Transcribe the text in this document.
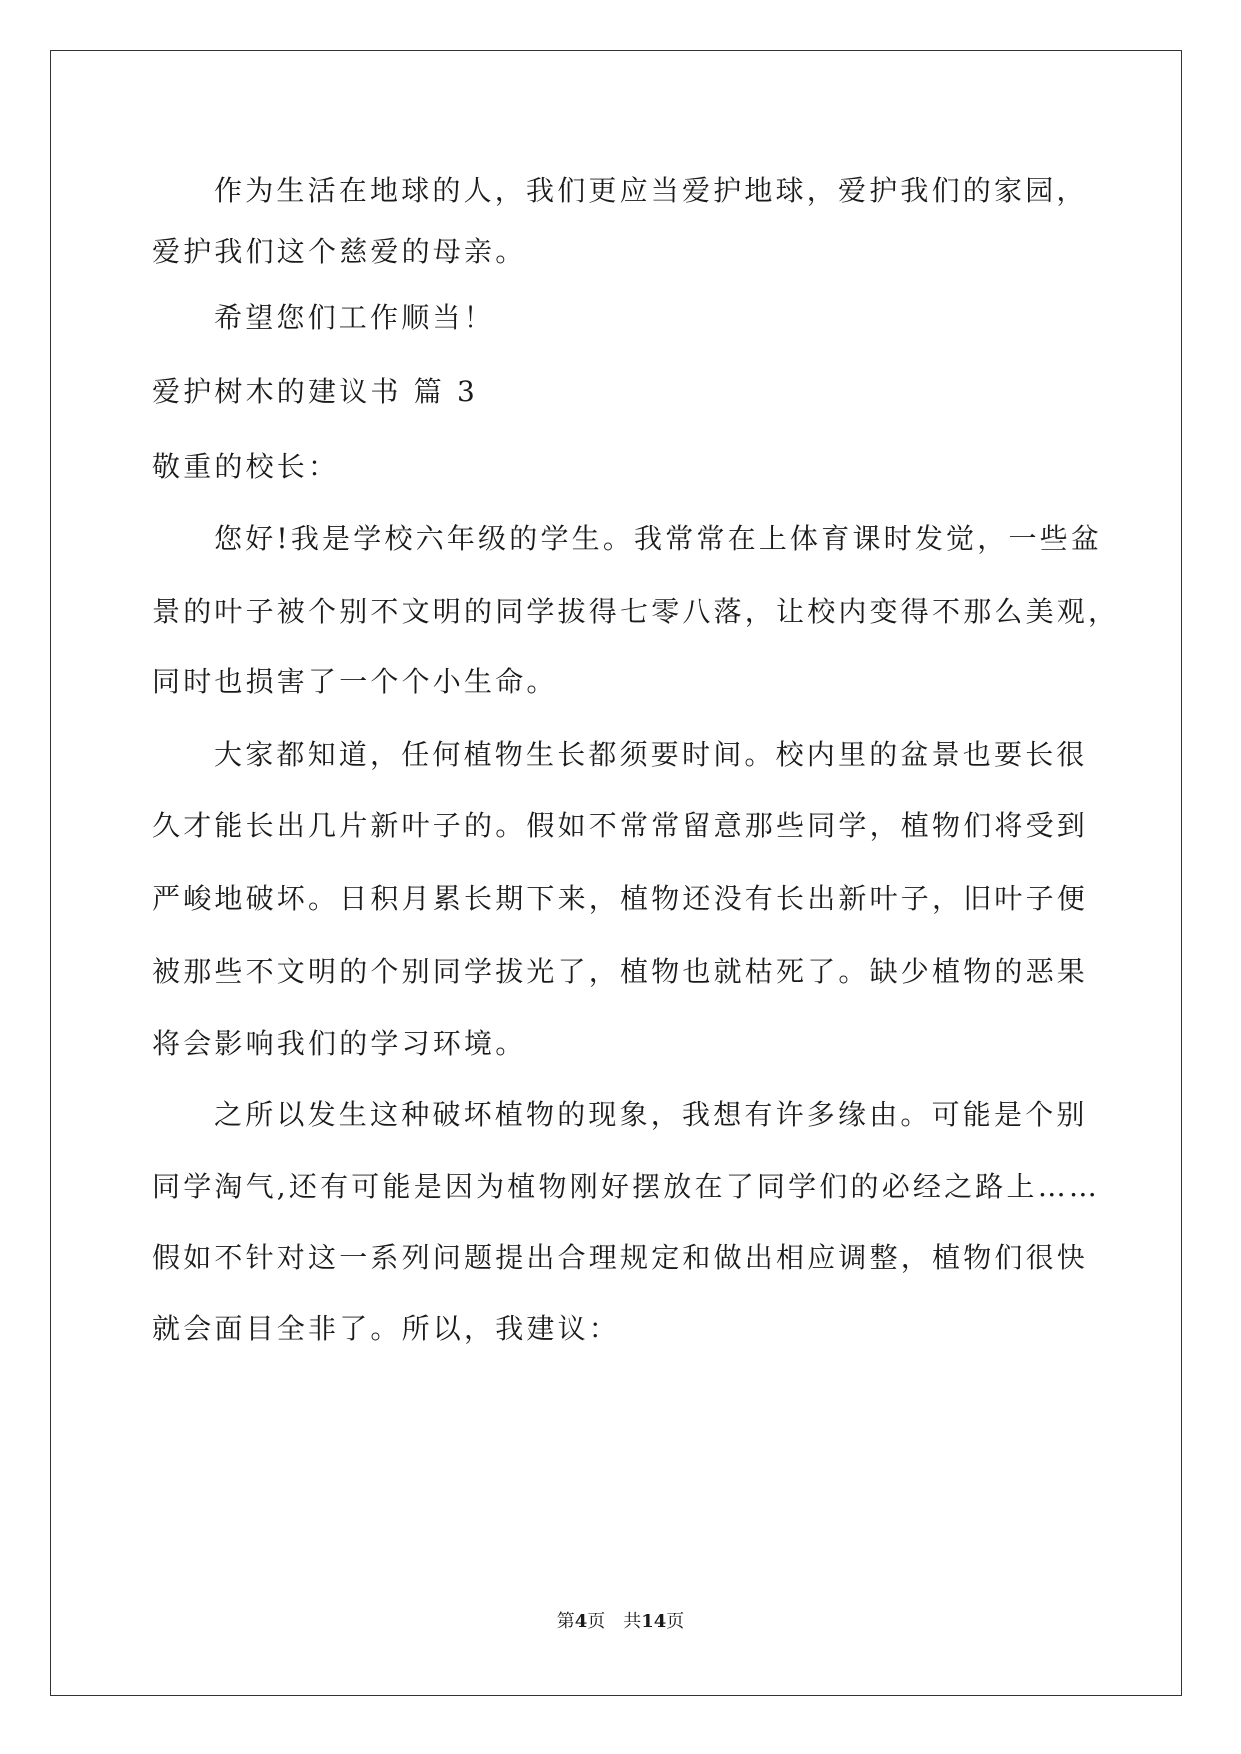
作为生活在地球的人，我们更应当爱护地球，爱护我们的家园，
爱护我们这个慈爱的母亲。
希望您们工作顺当！
爱护树木的建议书 篇 3
敬重的校长：
您好!我是学校六年级的学生。我常常在上体育课时发觉，一些盆
景的叶子被个别不文明的同学拔得七零八落，让校内变得不那么美观，
同时也损害了一个个小生命。
大家都知道，任何植物生长都须要时间。校内里的盆景也要长很
久才能长出几片新叶子的。假如不常常留意那些同学，植物们将受到
严峻地破坏。日积月累长期下来，植物还没有长出新叶子，旧叶子便
被那些不文明的个别同学拔光了，植物也就枯死了。缺少植物的恶果
将会影响我们的学习环境。
之所以发生这种破坏植物的现象，我想有许多缘由。可能是个别
同学淘气,还有可能是因为植物刚好摆放在了同学们的必经之路上……
假如不针对这一系列问题提出合理规定和做出相应调整，植物们很快
就会面目全非了。所以，我建议：
第4页 共14页
